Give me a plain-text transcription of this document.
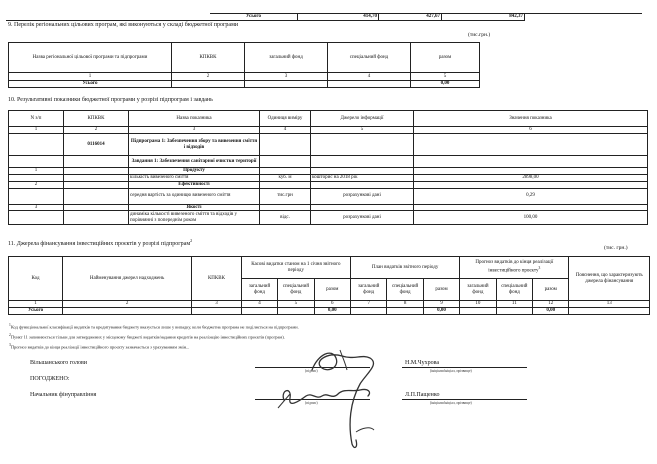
	Усього	414,70	427,67	842,37	
9. Перелік регіональних цільових програм, які виконуються у складі бюджетної програми
(тис.грн.)
Назва регіональної цільової програми та підпрограми	КПКВК	загальний фонд	спеціальний фонд	разом
1	2	3	4	5
Усього				0,00
10. Результативні показники бюджетної програми у розрізі підпрограм і завдань
N з/п	КПКВК	Назва показника	Одиниця виміру	Джерело інформації	Значення показника
1	2	3	4	5	6
	0116014	Підпрограма 1: Забезпечення збору та вивезення сміття і відходів			
		Завдання 1: Забезпечення санітарної очистки території			
1		Продукту			
		кількість вивезеного сміття	куб. м	кошторис на 2018 рік	2898,00
2		Ефективності			
		середня вартість за одиницю вивезеного сміття	тис.грн	розрахункові дані	0,29
3		Якості			
		динаміка кількості вивезеного сміття та відходів у порівнянні з попереднім роком	відс.	розрахункові дані	100,00
11. Джерела фінансування інвестиційних проєктів у розрізі підпрограм$^2$
(тис. грн.)
Код	Найменування джерел надходжень	КПКВК	Касові видатки станом на 1 січня звітного періоду			План видатків звітного періоду			Прогноз видатків до кінця реалізації інвестиційного проєкту$^3$			Пояснення, що характеризують джерела фінансування
			загальний фонд	спеціальний фонд	разом	загальний фонд	спеціальний фонд	разом	загальний фонд	спеціальний фонд	разом	
1	2	3	4	5	6	7	8	9	10	11	12	13
Усього					0,00			0,00			0,00	
$^1$Код функціональної класифікації видатків та кредитування бюджету вказується лише у випадку, коли бюджетна програма не поділяється на підпрограми.
$^2$Пункт 11 заповнюється тільки для затверджених у місцевому бюджеті видатків/надання кредитів на реалізацію інвестиційних проєктів (програм).
$^3$Прогноз видатків до кінця реалізації інвестиційного проєкту зазначається з урахуванням змін...
Вільшанського голови
(підпис)
Н.М.Чухрова
(ініціали/ініціал, прізвище)
ПОГОДЖЕНО:
Начальник фінуправління
(підпис)
Л.П.Пащенко
(ініціали/ініціал, прізвище)
